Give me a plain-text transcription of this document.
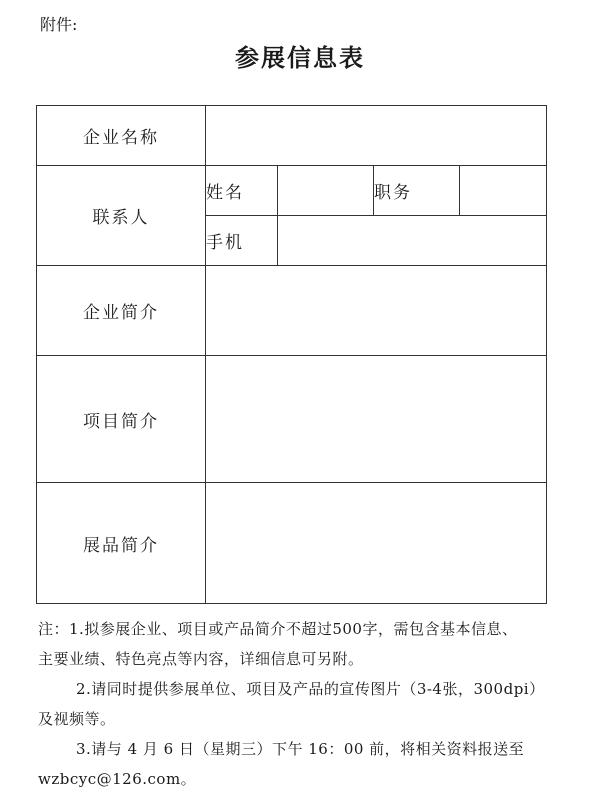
附件:
参展信息表
企业名称				
联系人	姓名		职务	
	手机			
企业简介				
项目简介				
展品简介				

注：1.拟参展企业、项目或产品简介不超过500字，需包含基本信息、

主要业绩、特色亮点等内容，详细信息可另附。

2.请同时提供参展单位、项目及产品的宣传图片（3-4张，300dpi）

及视频等。

3.请与 4 月 6 日（星期三）下午 16：00 前，将相关资料报送至

wzbcyc@126.com。
